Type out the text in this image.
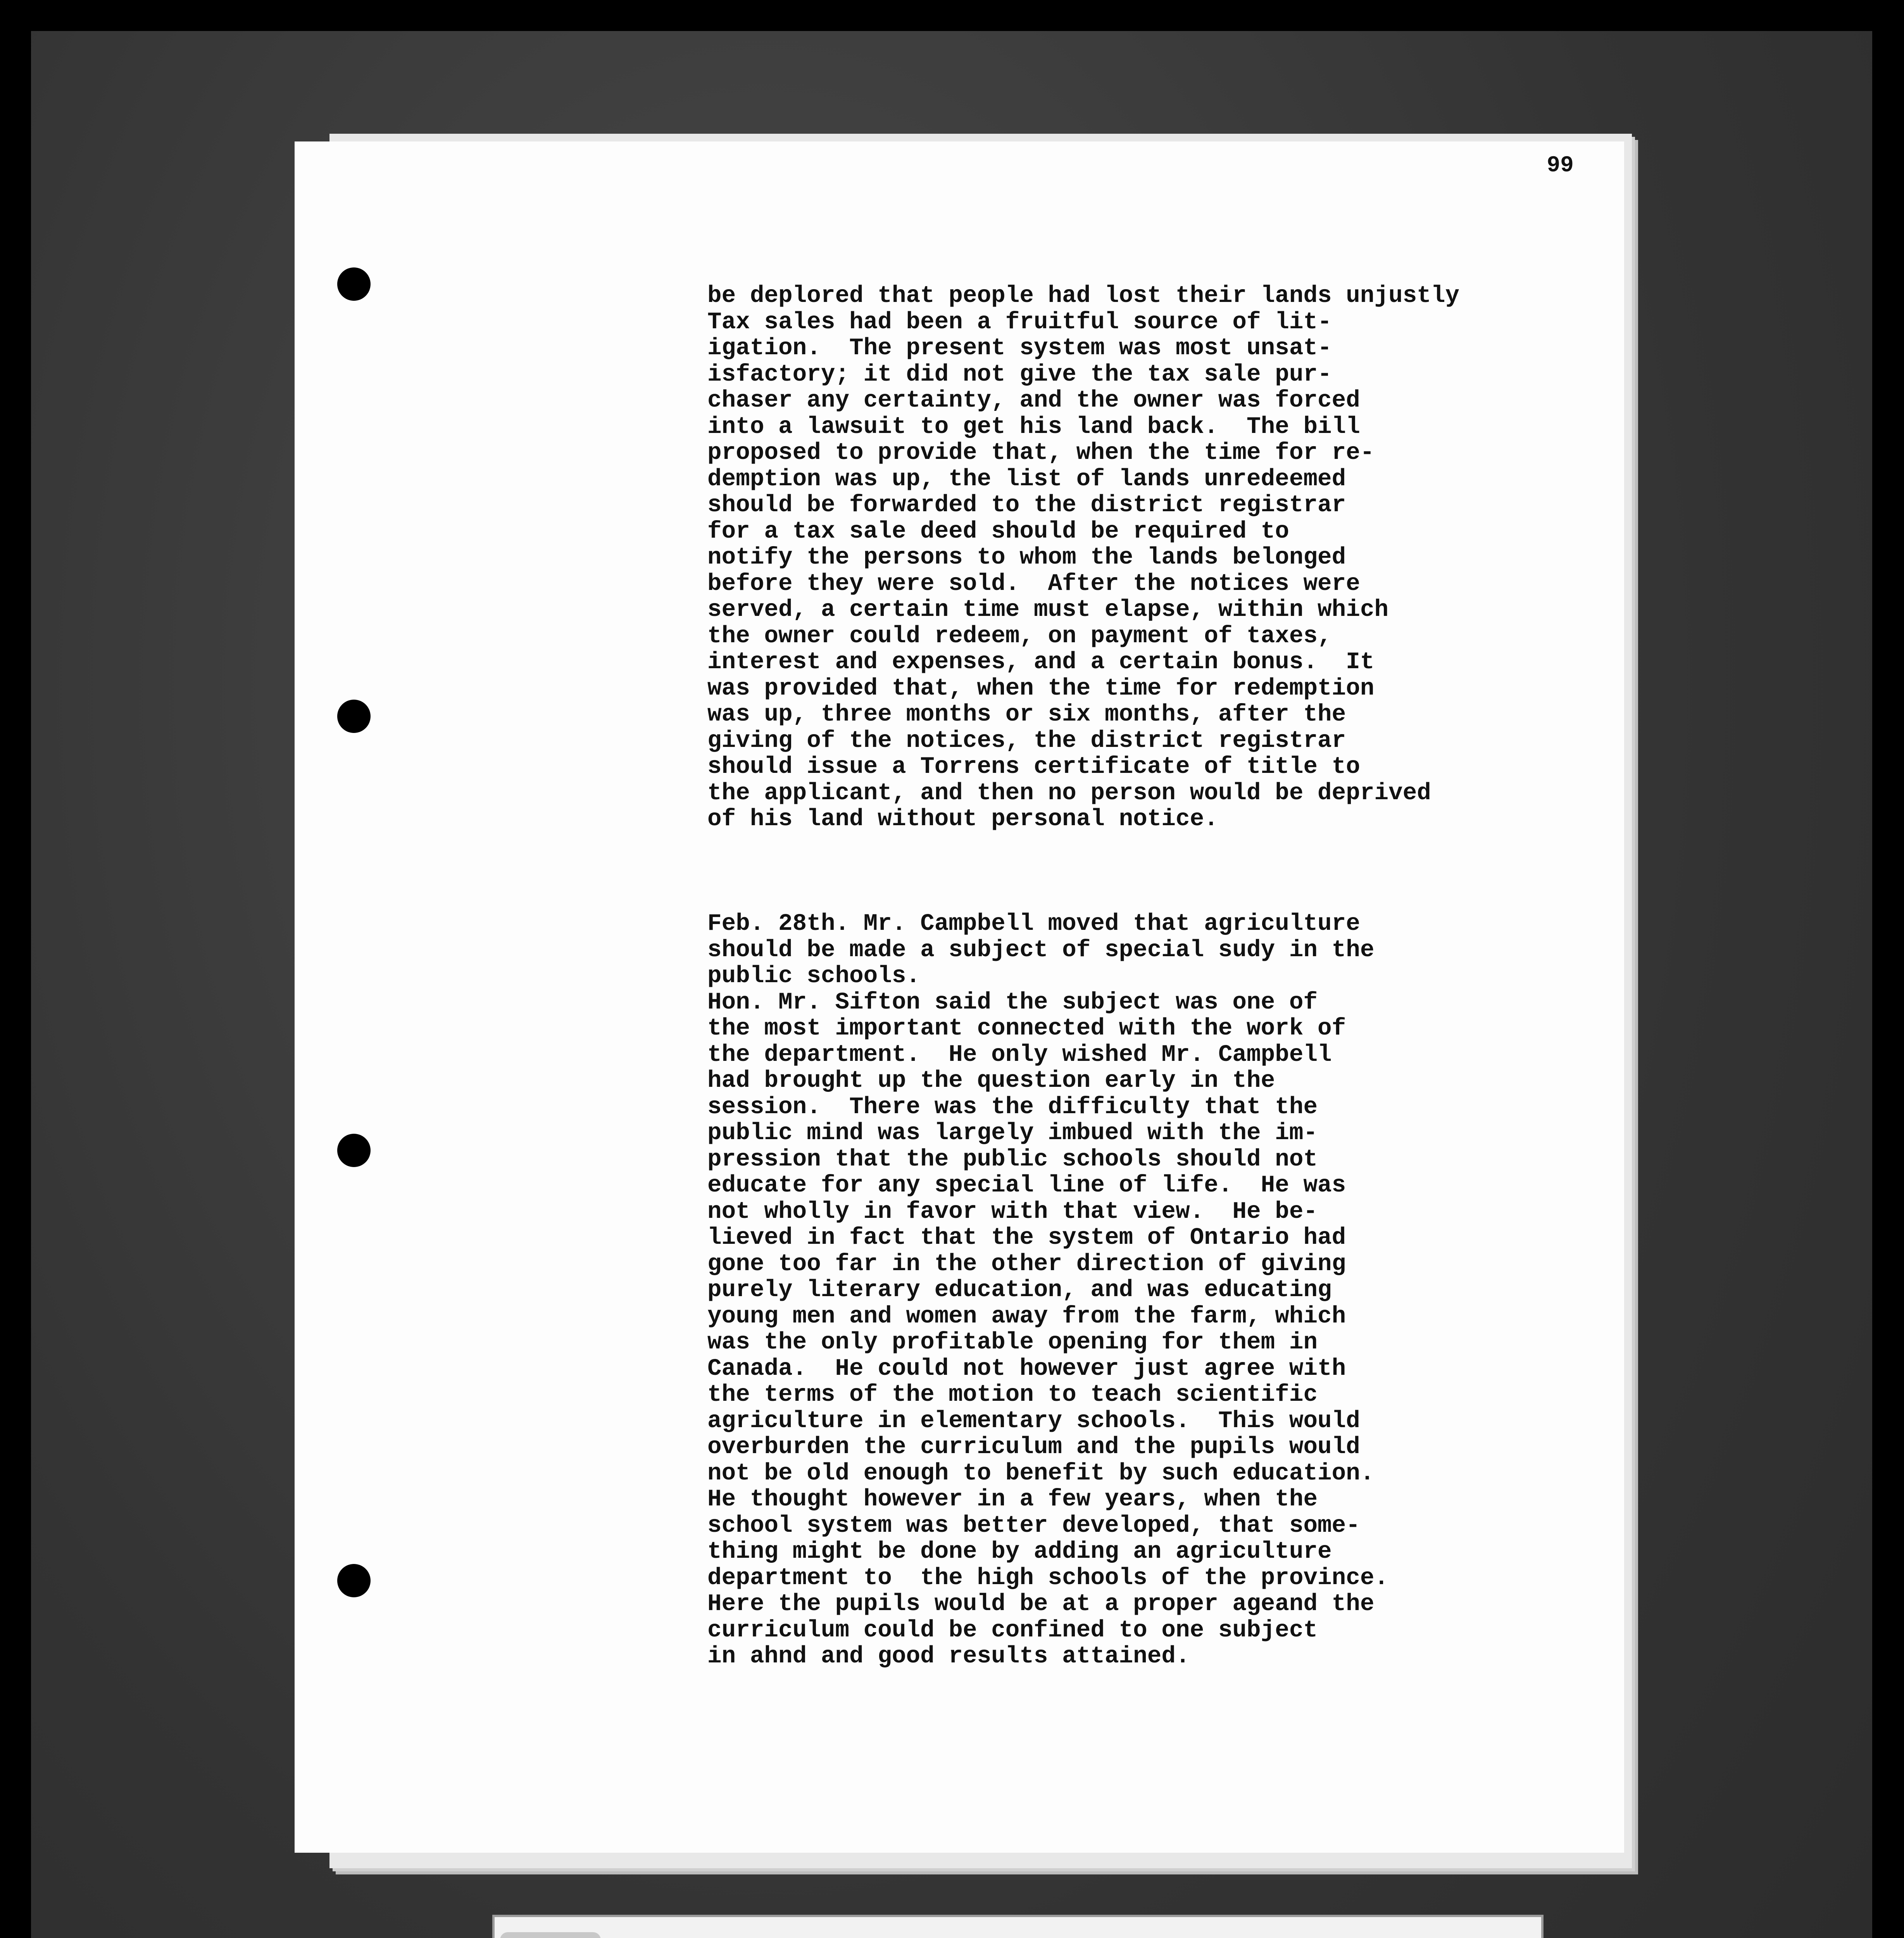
99

be deplored that people had lost their lands unjustly
Tax sales had been a fruitful source of lit-
igation.  The present system was most unsat-
isfactory; it did not give the tax sale pur-
chaser any certainty, and the owner was forced
into a lawsuit to get his land back.  The bill
proposed to provide that, when the time for re-
demption was up, the list of lands unredeemed
should be forwarded to the district registrar
for a tax sale deed should be required to
notify the persons to whom the lands belonged
before they were sold.  After the notices were
served, a certain time must elapse, within which
the owner could redeem, on payment of taxes,
interest and expenses, and a certain bonus.  It
was provided that, when the time for redemption
was up, three months or six months, after the
giving of the notices, the district registrar
should issue a Torrens certificate of title to
the applicant, and then no person would be deprived
of his land without personal notice.

Feb. 28th. Mr. Campbell moved that agriculture
should be made a subject of special sudy in the
public schools.
Hon. Mr. Sifton said the subject was one of
the most important connected with the work of
the department.  He only wished Mr. Campbell
had brought up the question early in the
session.  There was the difficulty that the
public mind was largely imbued with the im-
pression that the public schools should not
educate for any special line of life.  He was
not wholly in favor with that view.  He be-
lieved in fact that the system of Ontario had
gone too far in the other direction of giving
purely literary education, and was educating
young men and women away from the farm, which
was the only profitable opening for them in
Canada.  He could not however just agree with
the terms of the motion to teach scientific
agriculture in elementary schools.  This would
overburden the curriculum and the pupils would
not be old enough to benefit by such education.
He thought however in a few years, when the
school system was better developed, that some-
thing might be done by adding an agriculture
department to  the high schools of the province.
Here the pupils would be at a proper ageand the
curriculum could be confined to one subject
in ahnd and good results attained.
